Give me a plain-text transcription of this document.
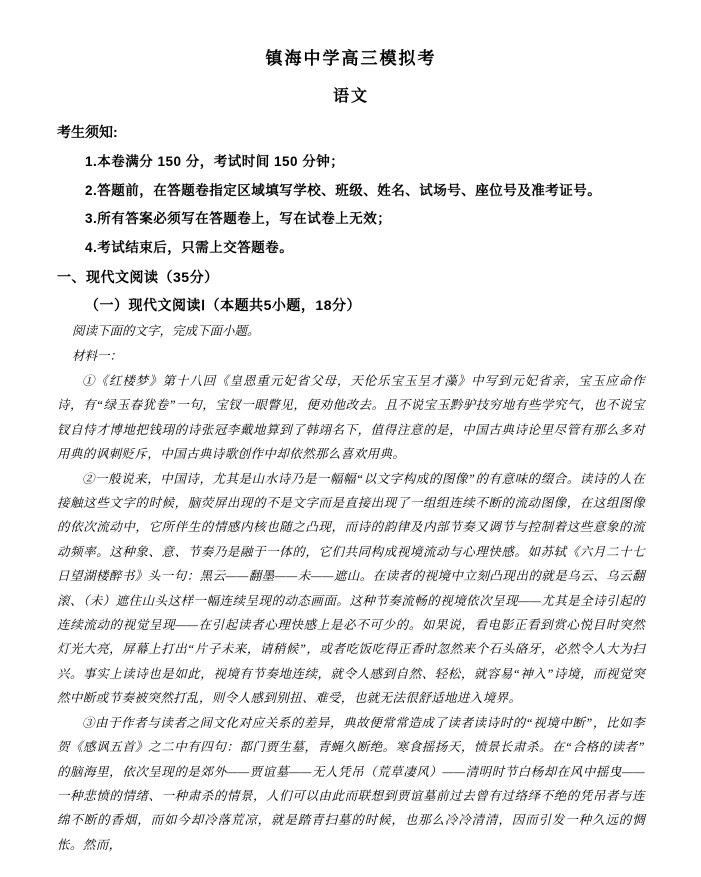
镇海中学高三模拟考
语文
考生须知:
1.本卷满分 150 分，考试时间 150 分钟；
2.答题前，在答题卷指定区域填写学校、班级、姓名、试场号、座位号及准考证号。
3.所有答案必须写在答题卷上，写在试卷上无效；
4.考试结束后，只需上交答题卷。
一、现代文阅读（35分）
（一）现代文阅读Ⅰ（本题共5小题，18分）

阅读下面的文字，完成下面小题。

材料一：

①《红楼梦》第十八回《皇恩重元妃省父母，天伦乐宝玉呈才藻》中写到元妃省亲，宝玉应命作诗，有“绿玉春犹卷”一句，宝钗一眼瞥见，便劝他改去。且不说宝玉黔驴技穷地有些学究气，也不说宝钗自恃才博地把钱珝的诗张冠李戴地算到了韩翊名下，值得注意的是，中国古典诗论里尽管有那么多对用典的讽刺贬斥，中国古典诗歌创作中却依然那么喜欢用典。

②一般说来，中国诗，尤其是山水诗乃是一幅幅“以文字构成的图像”的有意味的缀合。读诗的人在接触这些文字的时候，脑荧屏出现的不是文字而是直接出现了一组组连续不断的流动图像，在这组图像的依次流动中，它所伴生的情感内核也随之凸现，而诗的韵律及内部节奏又调节与控制着这些意象的流动频率。这种象、意、节奏乃是融于一体的，它们共同构成视境流动与心理快感。如苏轼《六月二十七日望湖楼醉书》头一句：黑云——翻墨——未——遮山。在读者的视境中立刻凸现出的就是乌云、乌云翻滚、（未）遮住山头这样一幅连续呈现的动态画面。这种节奏流畅的视境依次呈现——尤其是全诗引起的连续流动的视觉呈现——在引起读者心理快感上是必不可少的。如果说，看电影正看到赏心悦目时突然灯光大亮，屏幕上打出“片子未来，请稍候”，或者吃饭吃得正香时忽然来个石头硌牙，必然令人大为扫兴。事实上读诗也是如此，视境有节奏地连续，就令人感到自然、轻松，就容易“神入”诗境，而视觉突然中断或节奏被突然打乱，则令人感到别扭、难受，也就无法很舒适地进入境界。

③由于作者与读者之间文化对应关系的差异，典故便常常造成了读者读诗时的“视境中断”，比如李贺《感讽五首》之二中有四句：都门贾生墓，青蝇久断绝。寒食摇扬天，愤景长肃杀。在“合格的读者”的脑海里，依次呈现的是郊外——贾谊墓——无人凭吊（荒草凄风）——清明时节白杨却在风中摇曳——一种悲愤的情绪、一种肃杀的情景，人们可以由此而联想到贾谊墓前过去曾有过络绎不绝的凭吊者与连绵不断的香烟，而如今却冷落荒凉，就是踏青扫墓的时候，也那么冷冷清清，因而引发一种久远的惆怅。然而，
